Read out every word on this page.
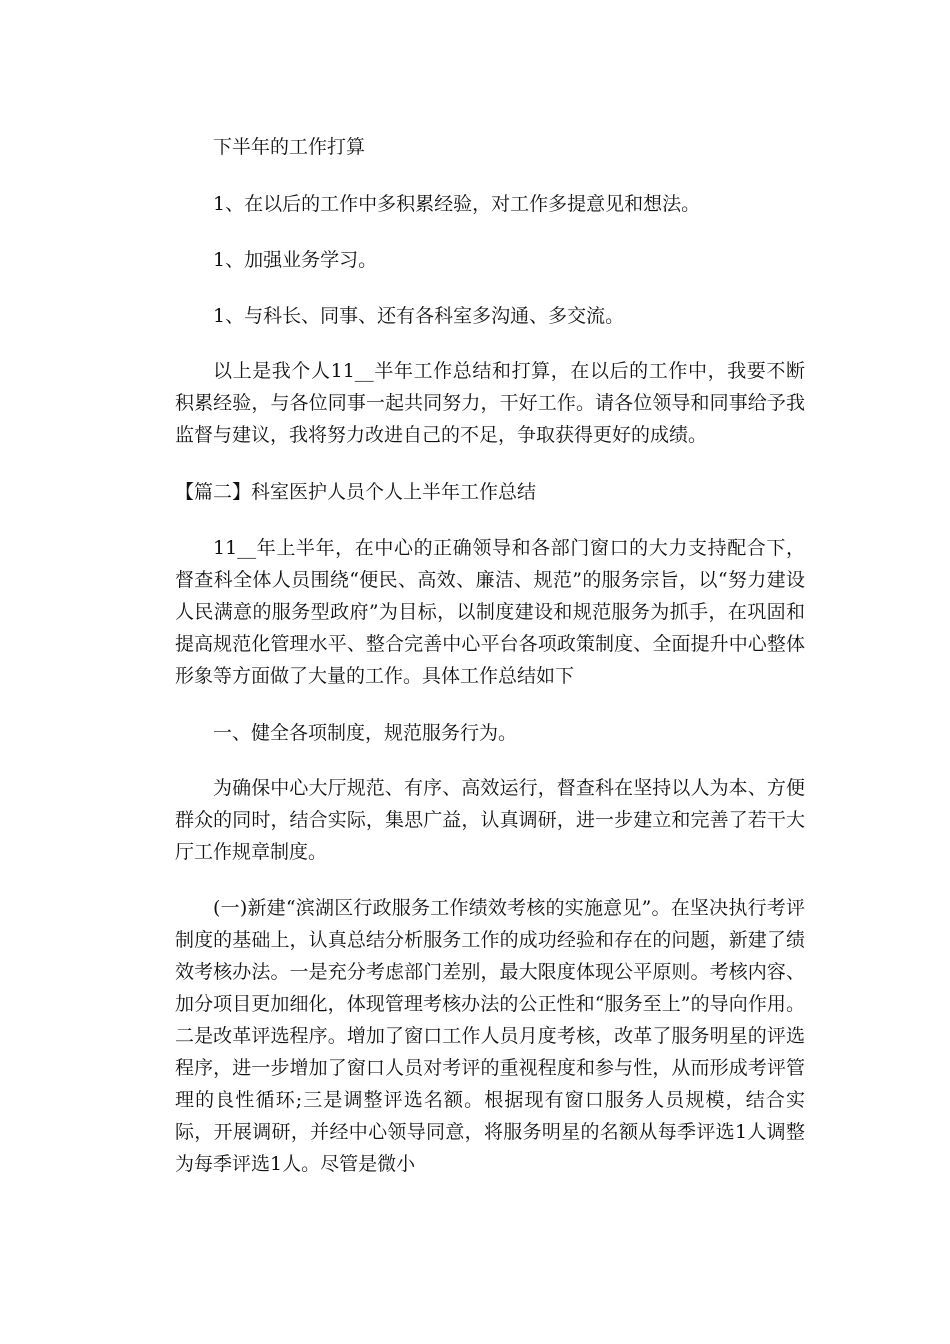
下半年的工作打算

1、在以后的工作中多积累经验，对工作多提意见和想法。

1、加强业务学习。

1、与科长、同事、还有各科室多沟通、多交流。

以上是我个人11__半年工作总结和打算，在以后的工作中，我要不断积累经验，与各位同事一起共同努力，干好工作。请各位领导和同事给予我监督与建议，我将努力改进自己的不足，争取获得更好的成绩。

【篇二】科室医护人员个人上半年工作总结

11__年上半年，在中心的正确领导和各部门窗口的大力支持配合下，督查科全体人员围绕“便民、高效、廉洁、规范”的服务宗旨，以“努力建设人民满意的服务型政府”为目标，以制度建设和规范服务为抓手，在巩固和提高规范化管理水平、整合完善中心平台各项政策制度、全面提升中心整体形象等方面做了大量的工作。具体工作总结如下

一、健全各项制度，规范服务行为。

为确保中心大厅规范、有序、高效运行，督查科在坚持以人为本、方便群众的同时，结合实际，集思广益，认真调研，进一步建立和完善了若干大厅工作规章制度。

(一)新建“滨湖区行政服务工作绩效考核的实施意见”。在坚决执行考评制度的基础上，认真总结分析服务工作的成功经验和存在的问题，新建了绩效考核办法。一是充分考虑部门差别，最大限度体现公平原则。考核内容、加分项目更加细化，体现管理考核办法的公正性和“服务至上”的导向作用。二是改革评选程序。增加了窗口工作人员月度考核，改革了服务明星的评选程序，进一步增加了窗口人员对考评的重视程度和参与性，从而形成考评管理的良性循环;三是调整评选名额。根据现有窗口服务人员规模，结合实际，开展调研，并经中心领导同意，将服务明星的名额从每季评选1人调整为每季评选1人。尽管是微小
